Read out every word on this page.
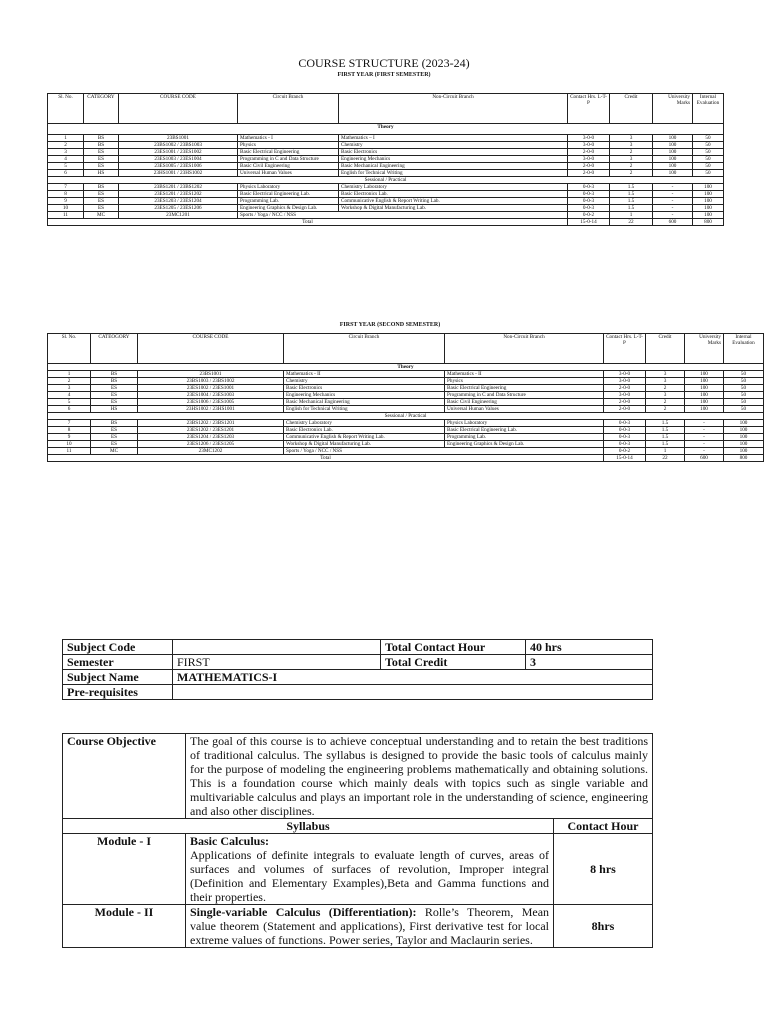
COURSE STRUCTURE (2023-24)
FIRST YEAR (FIRST SEMESTER)
Sl. No.	CATEGORY	COURSE CODE	Circuit Branch	Non-Circuit Branch	Contact Hrs. L-T-P	Credit	University Marks	Internal Evaluation
Theory								
1	BS	23BS1001	Mathematics - I	Mathematics – I	3-0-0	3	100	50
2	BS	23BS1002 / 23BS1003	Physics	Chemistry	3-0-0	3	100	50
3	ES	23ES1001 / 23ES1002	Basic Electrical Engineering	Basic Electronics	2-0-0	2	100	50
4	ES	23ES1003 / 23ES1004	Programming in C and Data Structure	Engineering Mechanics	3-0-0	3	100	50
5	ES	23ES1005 / 23ES1006	Basic Civil Engineering	Basic Mechanical Engineering	2-0-0	2	100	50
6	HS	23HS1001 / 23HS1002	Universal Human Values	English for Technical Writing	2-0-0	2	100	50
Sessional / Practical								
7	BS	23BS1201 / 23BS1202	Physics Laboratory	Chemistry Laboratory	0-0-3	1.5	-	100
8	ES	23ES1201 / 23ES1202	Basic Electrical Engineering Lab.	Basic Electronics Lab.	0-0-3	1.5	-	100
9	ES	23ES1203 / 23ES1204	Programming Lab.	Communicative English & Report Writing Lab.	0-0-3	1.5	-	100
10	ES	23ES1205 / 23ES1206	Engineering Graphics & Design Lab.	Workshop & Digital Manufacturing Lab.	0-0-3	1.5	-	100
11	MC	23MC1201	Sports / Yoga / NCC / NSS		0-0-2	1	-	100
Total					15-0-14	22	600	800
FIRST YEAR (SECOND SEMESTER)
Sl. No.	CATEOGORY	COURSE CODE	Circuit Branch	Non-Circuit Branch	Contact Hrs. L-T-P	Credit	University Marks	Internal Evaluation
Theory								
1	BS	23BS1001	Mathematics - II	Mathematics - II	3-0-0	3	100	50
2	BS	23BS1003 / 23BS1002	Chemistry	Physics	3-0-0	3	100	50
3	ES	23ES1002 / 23ES1001	Basic Electronics	Basic Electrical Engineering	2-0-0	2	100	50
4	ES	23ES1004 / 23ES1003	Engineering Mechanics	Programming in C and Data Structure	3-0-0	3	100	50
5	ES	23ES1006 / 23ES1005	Basic Mechanical Engineering	Basic Civil Engineering	2-0-0	2	100	50
6	HS	23HS1002 / 23HS1001	English for Technical Writing	Universal Human Values	2-0-0	2	100	50
Sessional / Practical								
7	BS	23BS1202 / 23BS1201	Chemistry Laboratory	Physics Laboratory	0-0-3	1.5	-	100
8	ES	23ES1202 / 23ES1201	Basic Electronics Lab.	Basic Electrical Engineering Lab.	0-0-3	1.5	-	100
9	ES	23ES1204 / 23ES1203	Communicative English & Report Writing Lab.	Programming Lab.	0-0-3	1.5	-	100
10	ES	23ES1206 / 23ES1205	Workshop & Digital Manufacturing Lab.	Engineering Graphics & Design Lab.	0-0-3	1.5	-	100
11	MC	23MC1202	Sports / Yoga / NCC / NSS		0-0-2	1	-	100
Total					15-0-14	22	600	800
Subject Code		Total Contact Hour	40 hrs
Semester	FIRST	Total Credit	3
Subject Name	MATHEMATICS-I		
Pre-requisites			
Course Objective	The goal of this course is to achieve conceptual understanding and to retain the best traditions of traditional calculus. The syllabus is designed to provide the basic tools of calculus mainly for the purpose of modeling the engineering problems mathematically and obtaining solutions. This is a foundation course which mainly deals with topics such as single variable and multivariable calculus and plays an important role in the understanding of science, engineering and also other disciplines.	
Syllabus		Contact Hour
Module - I	Basic Calculus:
Applications of definite integrals to evaluate length of curves, areas of surfaces and volumes of surfaces of revolution, Improper integral (Definition and Elementary Examples),Beta and Gamma functions and their properties.	8 hrs
Module - II	Single-variable Calculus (Differentiation): Rolle’s Theorem, Mean value theorem (Statement and applications), First derivative test for local extreme values of functions. Power series, Taylor and Maclaurin series.	8hrs
